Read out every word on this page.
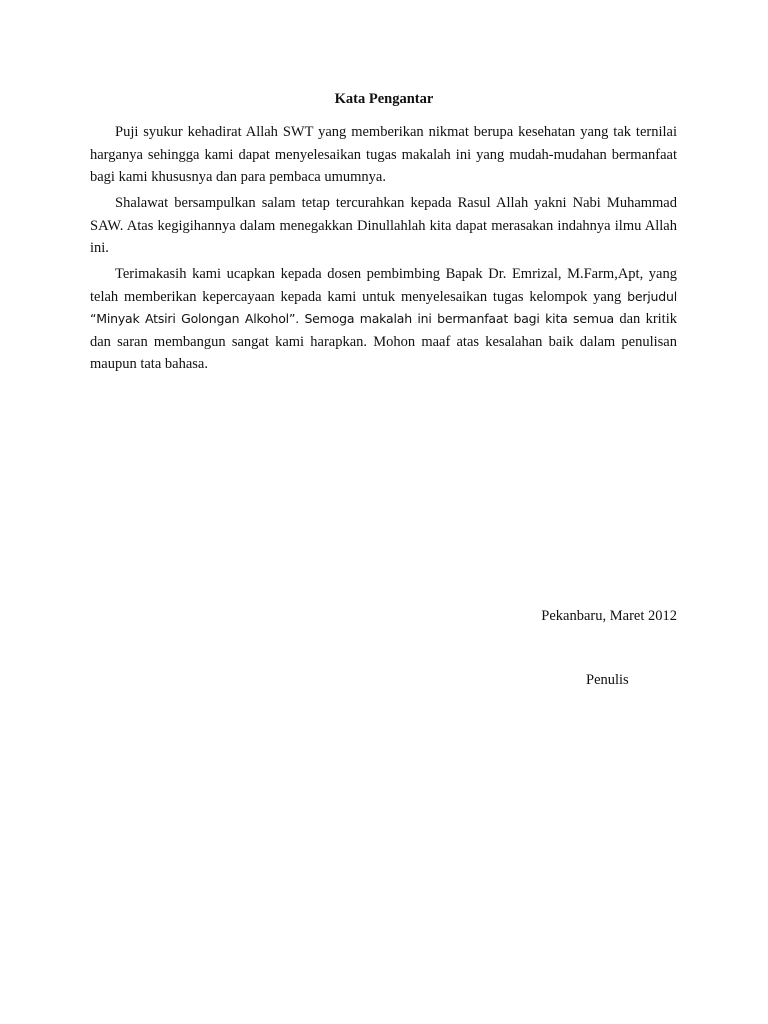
Kata Pengantar

Puji syukur kehadirat Allah SWT yang memberikan nikmat berupa kesehatan yang tak ternilai harganya sehingga kami dapat menyelesaikan tugas makalah ini yang mudah-mudahan bermanfaat bagi kami khususnya dan para pembaca umumnya.

Shalawat bersampulkan salam tetap tercurahkan kepada Rasul Allah yakni Nabi Muhammad SAW. Atas kegigihannya dalam menegakkan Dinullahlah kita dapat merasakan indahnya ilmu Allah ini.

Terimakasih kami ucapkan kepada dosen pembimbing Bapak Dr. Emrizal, M.Farm,Apt, yang telah memberikan kepercayaan kepada kami untuk menyelesaikan tugas kelompok yang berjudul “Minyak Atsiri Golongan Alkohol”. Semoga makalah ini bermanfaat bagi kita semua dan kritik dan saran membangun sangat kami harapkan. Mohon maaf atas kesalahan baik dalam penulisan maupun tata bahasa.

Pekanbaru, Maret 2012
Penulis
